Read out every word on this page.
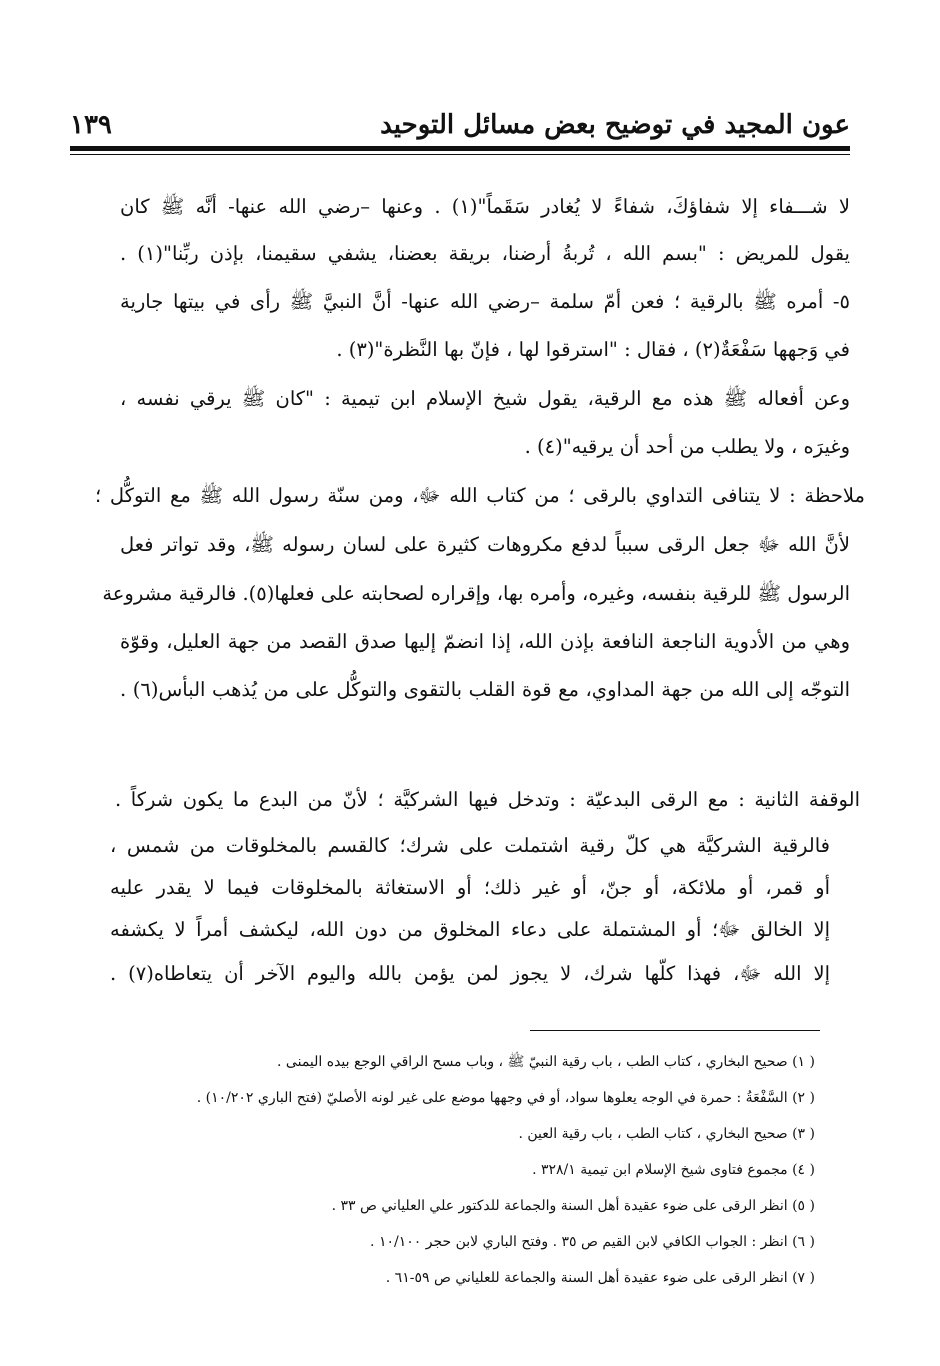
عون المجيد في توضيح بعض مسائل التوحيد
١٣٩
لا شـــفاء إلا شفاؤكَ، شفاءً لا يُغادر سَقَماً"(١) . وعنها –رضي الله عنها- أنَّه ﷺ كان
يقول للمريض : "بسم الله ، تُربةُ أرضنا، بريقة بعضنا، يشفي سقيمنا، بإذن ربِّنا"(١) .
٥- أمره ﷺ بالرقية ؛ فعن أمّ سلمة –رضي الله عنها- أنَّ النبيَّ ﷺ رأى في بيتها جارية
في وَجهها سَفْعَةٌ(٢) ، فقال : "استرقوا لها ، فإنّ بها النَّظرة"(٣) .
وعن أفعاله ﷺ هذه مع الرقية، يقول شيخ الإسلام ابن تيمية : "كان ﷺ يرقي نفسه ،
وغيرَه ، ولا يطلب من أحد أن يرقيه"(٤) .
ملاحظة : لا يتنافى التداوي بالرقى ؛ من كتاب الله ﷻ، ومن سنّة رسول الله ﷺ مع التوكُّل ؛
لأنَّ الله ﷻ جعل الرقى سبباً لدفع مكروهات كثيرة على لسان رسوله ﷺ، وقد تواتر فعل
الرسول ﷺ للرقية بنفسه، وغيره، وأمره بها، وإقراره لصحابته على فعلها(٥). فالرقية مشروعة
وهي من الأدوية الناجعة النافعة بإذن الله، إذا انضمّ إليها صدق القصد من جهة العليل، وقوّة
التوجّه إلى الله من جهة المداوي، مع قوة القلب بالتقوى والتوكُّل على من يُذهب البأس(٦) .
الوقفة الثانية : مع الرقى البدعيّة : وتدخل فيها الشركيَّة ؛ لأنّ من البدع ما يكون شركاً .
فالرقية الشركيَّة هي كلّ رقية اشتملت على شرك؛ كالقسم بالمخلوقات من شمس ،
أو قمر، أو ملائكة، أو جنّ، أو غير ذلك؛ أو الاستغاثة بالمخلوقات فيما لا يقدر عليه
إلا الخالق ﷻ؛ أو المشتملة على دعاء المخلوق من دون الله، ليكشف أمراً لا يكشفه
إلا الله ﷻ، فهذا كلّها شرك، لا يجوز لمن يؤمن بالله واليوم الآخر أن يتعاطاه(٧) .
( ١) صحيح البخاري ، كتاب الطب ، باب رقية النبيّ ﷺ ، وباب مسح الراقي الوجع بيده اليمنى .
( ٢) السَّفْعَةُ : حمرة في الوجه يعلوها سواد، أو في وجهها موضع على غير لونه الأصليّ (فتح الباري ١٠/٢٠٢) .
( ٣) صحيح البخاري ، كتاب الطب ، باب رقية العين .
( ٤) مجموع فتاوى شيخ الإسلام ابن تيمية ٣٢٨/١ .
( ٥) انظر الرقى على ضوء عقيدة أهل السنة والجماعة للدكتور علي العلياني ص ٣٣ .
( ٦) انظر : الجواب الكافي لابن القيم ص ٣٥ . وفتح الباري لابن حجر ١٠/١٠٠ .
( ٧) انظر الرقى على ضوء عقيدة أهل السنة والجماعة للعلياني ص ٥٩-٦١ .
